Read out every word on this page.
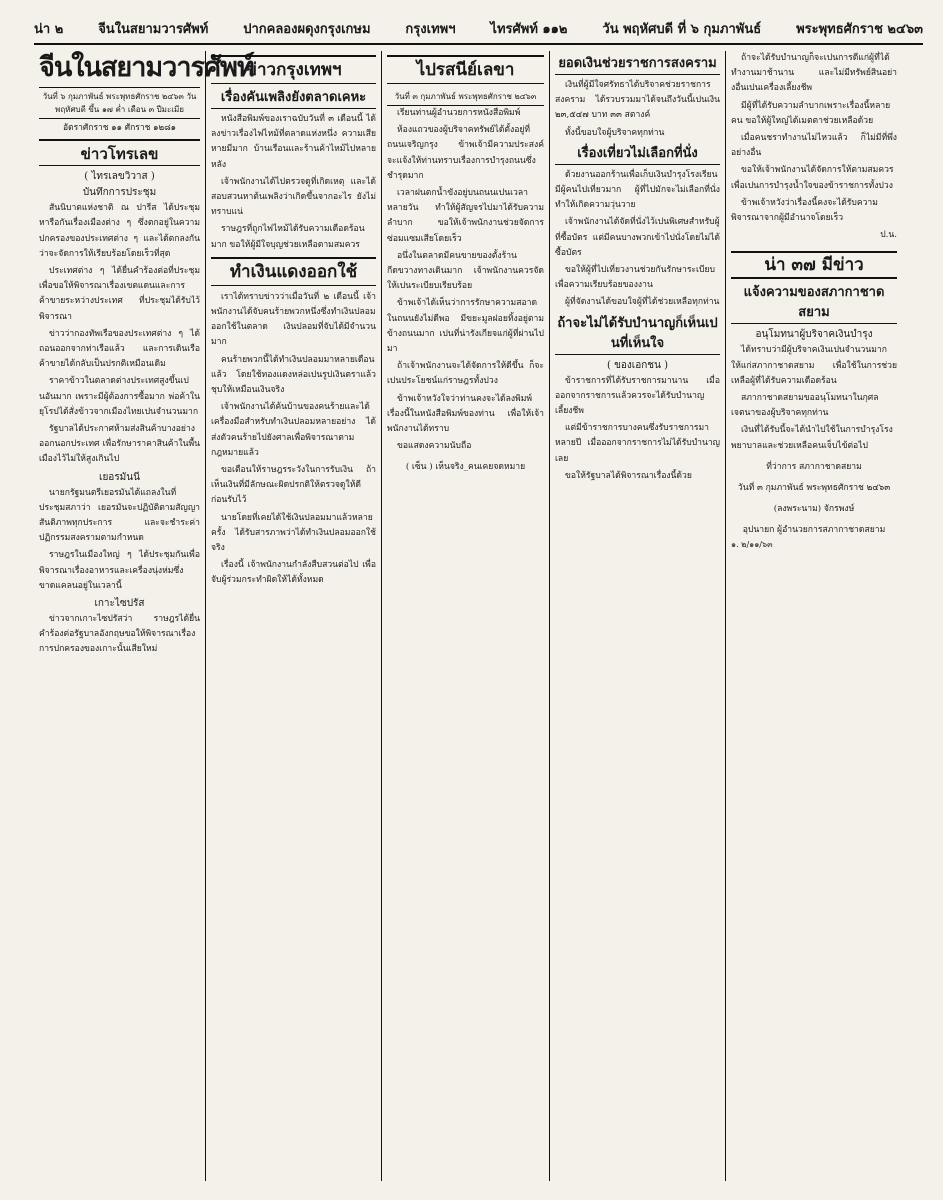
น่า ๒	จีนในสยามวารศัพท์	ปากคลองผดุงกรุงเกษม	กรุงเทพฯ	ไทรศัพท์ ๑๑๒	วัน พฤหัศบดี ที่ ๖ กุมภาพันธ์	พระพุทธศักราช ๒๔๖๓
จีนในสยามวารศัพท์
วันที่ ๖ กุมภาพันธ์ พระพุทธศักราช ๒๔๖๓ วัน พฤหัศบดี ขึ้น ๑๗ ค่ำ เดือน ๓ ปีมะเมีย
อัตราศักราช ๑๑ ศักราช ๑๒๘๑
ข่าวโทรเลข
( ไทรเลขวิวาส )
บันทึกการประชุม

สันนิบาตแห่งชาติ ณ ปารีส ได้ประชุมหารือกันเรื่องเมืองต่าง ๆ ซึ่งตกอยู่ในความปกครองของประเทศต่าง ๆ และได้ตกลงกันว่าจะจัดการให้เรียบร้อยโดยเร็วที่สุด

ประเทศต่าง ๆ ได้ยื่นคำร้องต่อที่ประชุมเพื่อขอให้พิจารณาเรื่องเขตแดนและการค้าขายระหว่างประเทศ ที่ประชุมได้รับไว้พิจารณา

ข่าวว่ากองทัพเรือของประเทศต่าง ๆ ได้ถอนออกจากท่าเรือแล้ว และการเดินเรือค้าขายได้กลับเป็นปรกติเหมือนเดิม

ราคาข้าวในตลาดต่างประเทศสูงขึ้นเปนอันมาก เพราะมีผู้ต้องการซื้อมาก พ่อค้าในยุโรปได้สั่งข้าวจากเมืองไทยเปนจำนวนมาก

รัฐบาลได้ประกาศห้ามส่งสินค้าบางอย่างออกนอกประเทศ เพื่อรักษาราคาสินค้าในพื้นเมืองไว้ไม่ให้สูงเกินไป

เยอรมันนี

นายกรัฐมนตรีเยอรมันได้แถลงในที่ประชุมสภาว่า เยอรมันจะปฏิบัติตามสัญญาสันติภาพทุกประการ และจะชำระค่าปฏิกรรมสงครามตามกำหนด

ราษฎรในเมืองใหญ่ ๆ ได้ประชุมกันเพื่อพิจารณาเรื่องอาหารและเครื่องนุ่งห่มซึ่งขาดแคลนอยู่ในเวลานี้

เกาะไซปรัส

ข่าวจากเกาะไซปรัสว่า ราษฎรได้ยื่นคำร้องต่อรัฐบาลอังกฤษขอให้พิจารณาเรื่องการปกครองของเกาะนั้นเสียใหม่

ข่าวกรุงเทพฯ
เรื่องคันเพลิงยังตลาดเคหะ

หนังสือพิมพ์ของเราฉบับวันที่ ๓ เดือนนี้ ได้ลงข่าวเรื่องไฟไหม้ที่ตลาดแห่งหนึ่ง ความเสียหายมีมาก บ้านเรือนและร้านค้าไหม้ไปหลายหลัง

เจ้าพนักงานได้ไปตรวจดูที่เกิดเหตุ และได้สอบสวนหาต้นเพลิงว่าเกิดขึ้นจากอะไร ยังไม่ทราบแน่

ราษฎรที่ถูกไฟไหม้ได้รับความเดือดร้อนมาก ขอให้ผู้มีใจบุญช่วยเหลือตามสมควร

ทำเงินแดงออกใช้

เราได้ทราบข่าวว่าเมื่อวันที่ ๒ เดือนนี้ เจ้าพนักงานได้จับคนร้ายพวกหนึ่งซึ่งทำเงินปลอมออกใช้ในตลาด เงินปลอมที่จับได้มีจำนวนมาก

คนร้ายพวกนี้ได้ทำเงินปลอมมาหลายเดือนแล้ว โดยใช้ทองแดงหล่อเปนรูปเงินตราแล้วชุบให้เหมือนเงินจริง

เจ้าพนักงานได้ค้นบ้านของคนร้ายและได้เครื่องมือสำหรับทำเงินปลอมหลายอย่าง ได้ส่งตัวคนร้ายไปยังศาลเพื่อพิจารณาตามกฎหมายแล้ว

ขอเตือนให้ราษฎรระวังในการรับเงิน ถ้าเห็นเงินที่มีลักษณะผิดปรกติให้ตรวจดูให้ดีก่อนรับไว้

นายโดยที่เคยได้ใช้เงินปลอมมาแล้วหลายครั้ง ได้รับสารภาพว่าได้ทำเงินปลอมออกใช้จริง

เรื่องนี้ เจ้าพนักงานกำลังสืบสวนต่อไป เพื่อจับผู้ร่วมกระทำผิดให้ได้ทั้งหมด

ไปรสนีย์เลขา
วันที่ ๓ กุมภาพันธ์ พระพุทธศักราช ๒๔๖๓

เรียนท่านผู้อำนวยการหนังสือพิมพ์

ห้องแถวของผู้บริจาคทรัพย์ได้ตั้งอยู่ที่ถนนเจริญกรุง ข้าพเจ้ามีความประสงค์จะแจ้งให้ท่านทราบเรื่องการบำรุงถนนซึ่งชำรุดมาก

เวลาฝนตกน้ำขังอยู่บนถนนเปนเวลาหลายวัน ทำให้ผู้สัญจรไปมาได้รับความลำบาก ขอให้เจ้าพนักงานช่วยจัดการซ่อมแซมเสียโดยเร็ว

อนึ่งในตลาดมีคนขายของตั้งร้านกีดขวางทางเดินมาก เจ้าพนักงานควรจัดให้เปนระเบียบเรียบร้อย

ข้าพเจ้าได้เห็นว่าการรักษาความสอาดในถนนยังไม่ดีพอ มีขยะมูลฝอยทิ้งอยู่ตามข้างถนนมาก เปนที่น่ารังเกียจแก่ผู้ที่ผ่านไปมา

ถ้าเจ้าพนักงานจะได้จัดการให้ดีขึ้น ก็จะเปนประโยชน์แก่ราษฎรทั้งปวง

ข้าพเจ้าหวังใจว่าท่านคงจะได้ลงพิมพ์เรื่องนี้ในหนังสือพิมพ์ของท่าน เพื่อให้เจ้าพนักงานได้ทราบ

ขอแสดงความนับถือ

( เซ็น ) เห็นจริง_คนเคยจดหมาย
ยอดเงินช่วยราชการสงคราม

เงินที่ผู้มีใจศรัทธาได้บริจาคช่วยราชการสงคราม ได้รวบรวมมาได้จนถึงวันนี้เปนเงิน ๒๓,๕๔๗ บาท ๓๓ สตางค์

ทั้งนี้ขอบใจผู้บริจาคทุกท่าน

เรื่องเที่ยวไม่เลือกที่นั่ง

ด้วยงานออกร้านเพื่อเก็บเงินบำรุงโรงเรียน มีผู้คนไปเที่ยวมาก ผู้ที่ไปมักจะไม่เลือกที่นั่ง ทำให้เกิดความวุ่นวาย

เจ้าพนักงานได้จัดที่นั่งไว้เปนพิเศษสำหรับผู้ที่ซื้อบัตร แต่มีคนบางพวกเข้าไปนั่งโดยไม่ได้ซื้อบัตร

ขอให้ผู้ที่ไปเที่ยวงานช่วยกันรักษาระเบียบ เพื่อความเรียบร้อยของงาน

ผู้ที่จัดงานได้ขอบใจผู้ที่ได้ช่วยเหลือทุกท่าน

ถ้าจะไม่ได้รับบำนาญก็เห็นเปนที่เห็นใจ
( ของเอกชน )

ข้าราชการที่ได้รับราชการมานาน เมื่อออกจากราชการแล้วควรจะได้รับบำนาญเลี้ยงชีพ

แต่มีข้าราชการบางคนซึ่งรับราชการมาหลายปี เมื่อออกจากราชการไม่ได้รับบำนาญเลย

ขอให้รัฐบาลได้พิจารณาเรื่องนี้ด้วย

ถ้าจะได้รับบำนาญก็จะเปนการดีแก่ผู้ที่ได้ทำงานมาช้านาน และไม่มีทรัพย์สินอย่างอื่นเปนเครื่องเลี้ยงชีพ

มีผู้ที่ได้รับความลำบากเพราะเรื่องนี้หลายคน ขอให้ผู้ใหญ่ได้เมตตาช่วยเหลือด้วย

เมื่อคนชราทำงานไม่ไหวแล้ว ก็ไม่มีที่พึ่งอย่างอื่น

ขอให้เจ้าพนักงานได้จัดการให้ตามสมควร เพื่อเปนการบำรุงน้ำใจของข้าราชการทั้งปวง

ข้าพเจ้าหวังว่าเรื่องนี้คงจะได้รับความพิจารณาจากผู้มีอำนาจโดยเร็ว

ป.น.
น่า ๓๗ มีข่าว
แจ้งความของสภากาชาดสยาม
อนุโมทนาผู้บริจาคเงินบำรุง

ได้ทราบว่ามีผู้บริจาคเงินเปนจำนวนมาก ให้แก่สภากาชาดสยาม เพื่อใช้ในการช่วยเหลือผู้ที่ได้รับความเดือดร้อน

สภากาชาดสยามขออนุโมทนาในกุศลเจตนาของผู้บริจาคทุกท่าน

เงินที่ได้รับนี้จะได้นำไปใช้ในการบำรุงโรงพยาบาลและช่วยเหลือคนเจ็บไข้ต่อไป

ที่ว่าการ สภากาชาดสยาม
วันที่ ๓ กุมภาพันธ์ พระพุทธศักราช ๒๔๖๓
(ลงพระนาม) จักรพงษ์
อุปนายก ผู้อำนวยการสภากาชาดสยาม
๑. ๒/๑๑/๖๓
